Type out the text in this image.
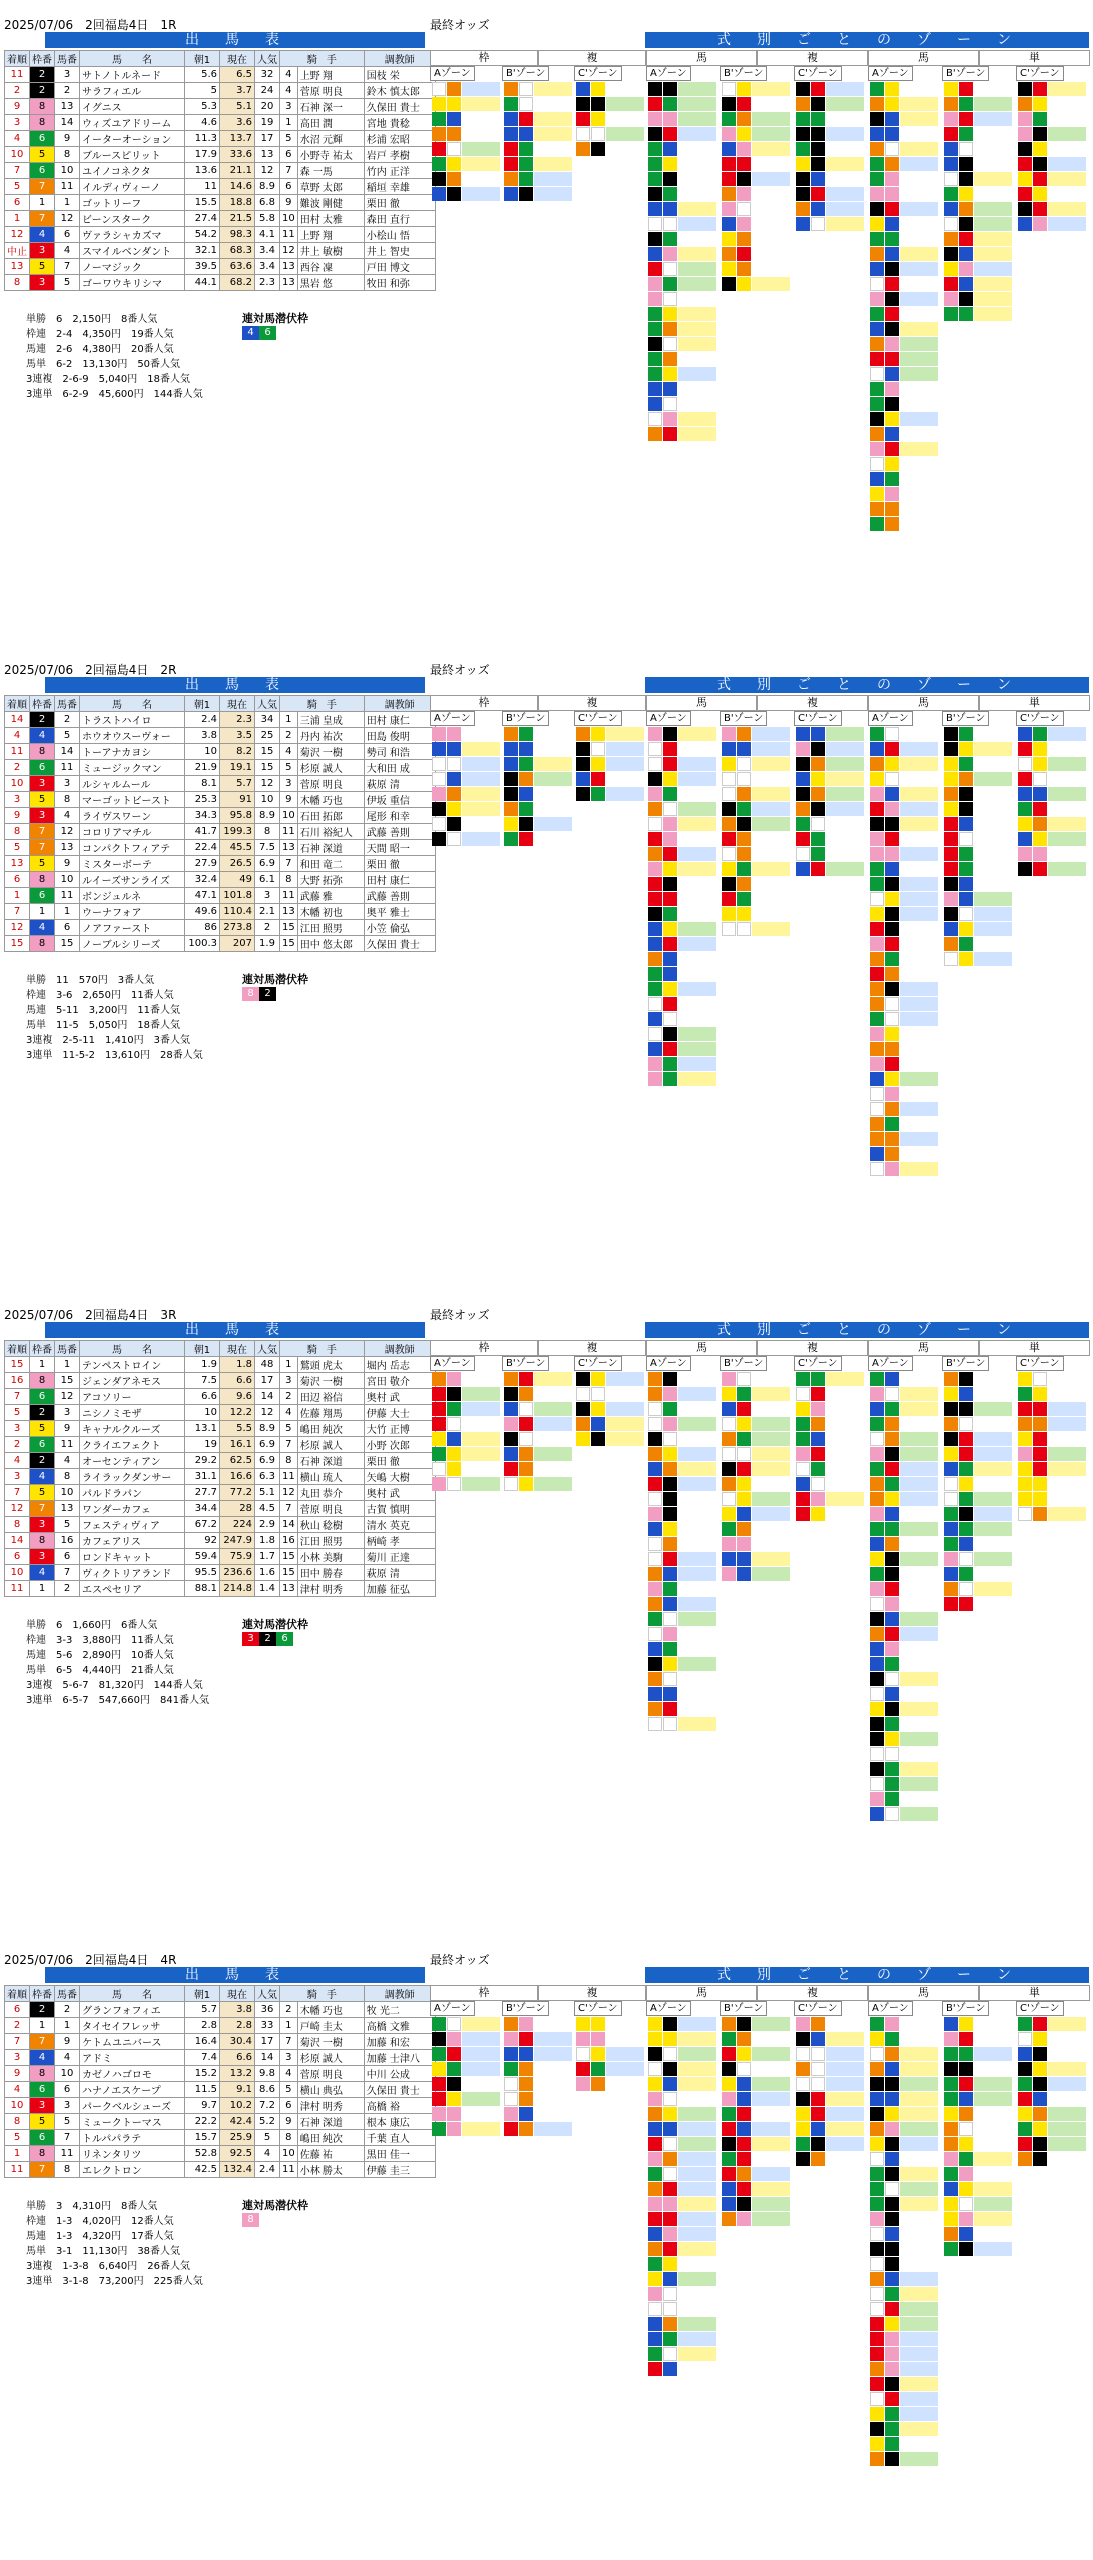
2025/07/06　2回福島4日　1R	最終オッズ
出　馬　表	式　別　ご　と　の　ゾ　ー　ン
着順	枠番	馬番	馬　　名	朝1	現在	人気	騎　手		調教師
11	2	3	サトノトルネード	5.6	6.5	32	4	上野 翔	国枝 栄
2	2	2	サラフィエル	5	3.7	24	4	菅原 明良	鈴木 慎太郎
9	8	13	イグニス	5.3	5.1	20	3	石神 深一	久保田 貴士
3	8	14	ウィズユアドリーム	4.6	3.6	19	1	高田 潤	宮地 貴稔
4	6	9	イーターオーション	11.3	13.7	17	5	水沼 元輝	杉浦 宏昭
10	5	8	ブルースピリット	17.9	33.6	13	6	小野寺 祐太	岩戸 孝樹
7	6	10	ユイノコネクタ	13.6	21.1	12	7	森 一馬	竹内 正洋
5	7	11	イルディヴィーノ	11	14.6	8.9	6	草野 太郎	稲垣 幸雄
6	1	1	ゴットリーフ	15.5	18.8	6.8	9	難波 剛健	栗田 徹
1	7	12	ビーンスターク	27.4	21.5	5.8	10	田村 太雅	森田 直行
12	4	6	ヴァラシャカズマ	54.2	98.3	4.1	11	上野 翔	小桧山 悟
中止	3	4	スマイルベンダント	32.1	68.3	3.4	12	井上 敏樹	井上 智史
13	5	7	ノーマジック	39.5	63.6	3.4	13	西谷 凜	戸田 博文
8	3	5	ゴーワウキリシマ	44.1	68.2	2.3	13	黒岩 悠	牧田 和弥
単勝　6　2,150円　8番人気
枠連　2-4　4,350円　19番人気
馬連　2-6　4,380円　20番人気
馬単　6-2　13,130円　50番人気
3連複　2-6-9　5,040円　18番人気
3連単　6-2-9　45,600円　144番人気
連対馬潜伏枠
4	6
枠	複	馬	複	馬	単
Aゾーン	B'ゾーン	C'ゾーン	Aゾーン	B'ゾーン	C'ゾーン	Aゾーン	B'ゾーン	C'ゾーン
2025/07/06　2回福島4日　2R	最終オッズ
出　馬　表	式　別　ご　と　の　ゾ　ー　ン
着順	枠番	馬番	馬　　名	朝1	現在	人気	騎　手		調教師
14	2	2	トラストハイロ	2.4	2.3	34	1	三浦 皇成	田村 康仁
4	4	5	ホウオウスーヴォー	3.8	3.5	25	2	丹内 祐次	田島 俊明
11	8	14	トーアナカヨシ	10	8.2	15	4	菊沢 一樹	勢司 和浩
2	6	11	ミュージックマン	21.9	19.1	15	5	杉原 誠人	大和田 成
10	3	3	ルシャルムール	8.1	5.7	12	3	菅原 明良	萩原 清
3	5	8	マーゴットビースト	25.3	91	10	9	木幡 巧也	伊坂 重信
9	3	4	ライヴスワーン	34.3	95.8	8.9	10	石田 拓郎	尾形 和幸
8	7	12	コロリアマチル	41.7	199.3	8	11	石川 裕紀人	武藤 善則
5	7	13	コンパクトフィアテ	22.4	45.5	7.5	13	石神 深道	天間 昭一
13	5	9	ミスターボーテ	27.9	26.5	6.9	7	和田 竜二	栗田 徹
6	8	10	ルイーズサンライズ	32.4	49	6.1	8	大野 拓弥	田村 康仁
1	6	11	ボンジュルネ	47.1	101.8	3	11	武藤 雅	武藤 善則
7	1	1	ウーナフォア	49.6	110.4	2.1	13	木幡 初也	奥平 雅士
12	4	6	ノアファースト	86	273.8	2	15	江田 照男	小笠 倫弘
15	8	15	ノーブルシリーズ	100.3	207	1.9	15	田中 悠太郎	久保田 貴士
単勝　11　570円　3番人気
枠連　3-6　2,650円　11番人気
馬連　5-11　3,200円　11番人気
馬単　11-5　5,050円　18番人気
3連複　2-5-11　1,410円　3番人気
3連単　11-5-2　13,610円　28番人気
連対馬潜伏枠
8	2
枠	複	馬	複	馬	単
Aゾーン	B'ゾーン	C'ゾーン	Aゾーン	B'ゾーン	C'ゾーン	Aゾーン	B'ゾーン	C'ゾーン
2025/07/06　2回福島4日　3R	最終オッズ
出　馬　表	式　別　ご　と　の　ゾ　ー　ン
着順	枠番	馬番	馬　　名	朝1	現在	人気	騎　手		調教師
15	1	1	テンペストロイン	1.9	1.8	48	1	鷲頭 虎太	堀内 岳志
16	8	15	ジェンダアネモス	7.5	6.6	17	3	菊沢 一樹	宮田 敬介
7	6	12	アコソリー	6.6	9.6	14	2	田辺 裕信	奥村 武
5	2	3	ニシノミモザ	10	12.2	12	4	佐藤 翔馬	伊藤 大士
3	5	9	キャナルクルーズ	13.1	5.5	8.9	5	嶋田 純次	大竹 正博
2	6	11	クライエフェクト	19	16.1	6.9	7	杉原 誠人	小野 次郎
4	2	4	オーセンティアン	29.2	62.5	6.9	8	石神 深道	栗田 徹
3	4	8	ライラックダンサー	31.1	16.6	6.3	11	横山 琉人	矢嶋 大樹
7	5	10	パルドラパン	27.7	77.2	5.1	12	丸田 恭介	奥村 武
12	7	13	ワンダーカフェ	34.4	28	4.5	7	菅原 明良	古賀 慎明
8	3	5	フェスティヴィア	67.2	224	2.9	14	秋山 稔樹	清水 英克
14	8	16	カフェアリス	92	247.9	1.8	16	江田 照男	柄崎 孝
6	3	6	ロンドキャット	59.4	75.9	1.7	15	小林 美駒	菊川 正達
10	4	7	ヴィクトリアランド	95.5	236.6	1.6	15	田中 勝春	萩原 清
11	1	2	エスペセリア	88.1	214.8	1.4	13	津村 明秀	加藤 征弘
単勝　6　1,660円　6番人気
枠連　3-3　3,880円　11番人気
馬連　5-6　2,890円　10番人気
馬単　6-5　4,440円　21番人気
3連複　5-6-7　81,320円　144番人気
3連単　6-5-7　547,660円　841番人気
連対馬潜伏枠
3	2	6
枠	複	馬	複	馬	単
Aゾーン	B'ゾーン	C'ゾーン	Aゾーン	B'ゾーン	C'ゾーン	Aゾーン	B'ゾーン	C'ゾーン
2025/07/06　2回福島4日　4R	最終オッズ
出　馬　表	式　別　ご　と　の　ゾ　ー　ン
着順	枠番	馬番	馬　　名	朝1	現在	人気	騎　手		調教師
6	2	2	グランフォフィエ	5.7	3.8	36	2	木幡 巧也	牧 光二
2	1	1	タイセイフレッサ	2.8	2.8	33	1	戸崎 圭太	高橋 文雅
7	7	9	ケトムユニバース	16.4	30.4	17	7	菊沢 一樹	加藤 和宏
3	4	4	アドミ	7.4	6.6	14	3	杉原 誠人	加藤 士津八
9	8	10	カゼノハゴロモ	15.2	13.2	9.8	4	菅原 明良	中川 公成
4	6	6	ハナノエスケープ	11.5	9.1	8.6	5	横山 典弘	久保田 貴士
10	3	3	パークベルシューズ	9.7	10.2	7.2	6	津村 明秀	高橋 裕
8	5	5	ミュークトーマス	22.2	42.4	5.2	9	石神 深道	根本 康広
5	6	7	トルパパラテ	15.7	25.9	5	8	嶋田 純次	千葉 直人
1	8	11	リネンタリツ	52.8	92.5	4	10	佐藤 祐	黒田 佳一
11	7	8	エレクトロン	42.5	132.4	2.4	11	小林 勝太	伊藤 圭三
単勝　3　4,310円　8番人気
枠連　1-3　4,020円　12番人気
馬連　1-3　4,320円　17番人気
馬単　3-1　11,130円　38番人気
3連複　1-3-8　6,640円　26番人気
3連単　3-1-8　73,200円　225番人気
連対馬潜伏枠
8
枠	複	馬	複	馬	単
Aゾーン	B'ゾーン	C'ゾーン	Aゾーン	B'ゾーン	C'ゾーン	Aゾーン	B'ゾーン	C'ゾーン
